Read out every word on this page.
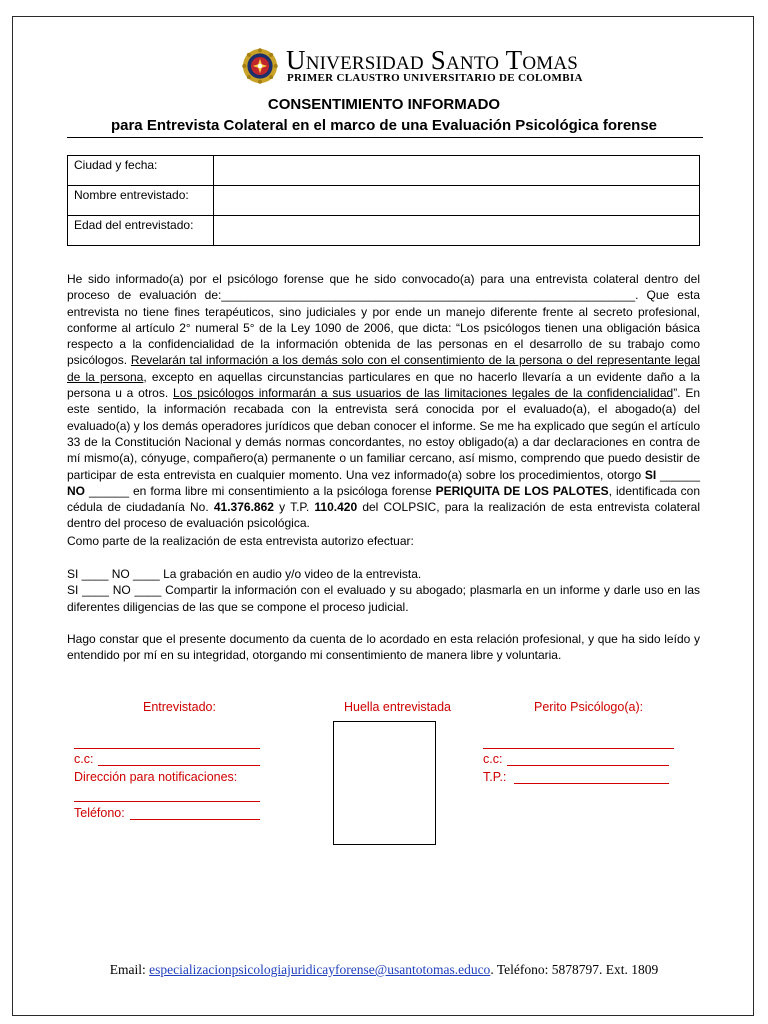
Universidad Santo Tomas
PRIMER CLAUSTRO UNIVERSITARIO DE COLOMBIA
CONSENTIMIENTO INFORMADO
para Entrevista Colateral en el marco de una Evaluación Psicológica forense
Ciudad y fecha:	
Nombre entrevistado:	
Edad del entrevistado:	
He sido informado(a) por el psicólogo forense que he sido convocado(a) para una entrevista colateral dentro del proceso de evaluación de:______________________________________________________________. Que esta entrevista no tiene fines terapéuticos, sino judiciales y por ende un manejo diferente frente al secreto profesional, conforme al artículo 2° numeral 5° de la Ley 1090 de 2006, que dicta: “Los psicólogos tienen una obligación básica respecto a la confidencialidad de la información obtenida de las personas en el desarrollo de su trabajo como psicólogos. Revelarán tal información a los demás solo con el consentimiento de la persona o del representante legal de la persona, excepto en aquellas circunstancias particulares en que no hacerlo llevaría a un evidente daño a la persona u a otros. Los psicólogos informarán a sus usuarios de las limitaciones legales de la confidencialidad”. En este sentido, la información recabada con la entrevista será conocida por el evaluado(a), el abogado(a) del evaluado(a) y los demás operadores jurídicos que deban conocer el informe. Se me ha explicado que según el artículo 33 de la Constitución Nacional y demás normas concordantes, no estoy obligado(a) a dar declaraciones en contra de mí mismo(a), cónyuge, compañero(a) permanente o un familiar cercano, así mismo, comprendo que puedo desistir de participar de esta entrevista en cualquier momento. Una vez informado(a) sobre los procedimientos, otorgo SI ______ NO ______ en forma libre mi consentimiento a la psicóloga forense PERIQUITA DE LOS PALOTES, identificada con cédula de ciudadanía No. 41.376.862 y T.P. 110.420 del COLPSIC, para la realización de esta entrevista colateral dentro del proceso de evaluación psicológica.
Como parte de la realización de esta entrevista autorizo efectuar:
SI ____ NO ____ La grabación en audio y/o video de la entrevista.
SI ____ NO ____ Compartir la información con el evaluado y su abogado; plasmarla en un informe y darle uso en las diferentes diligencias de las que se compone el proceso judicial.
Hago constar que el presente documento da cuenta de lo acordado en esta relación profesional, y que ha sido leído y entendido por mí en su integridad, otorgando mi consentimiento de manera libre y voluntaria.
Entrevistado:	Huella entrevistada	Perito Psicólogo(a):
c.c:
Dirección para notificaciones:
Teléfono:
c.c:
T.P.:
Email: especializacionpsicologiajuridicayforense@usantotomas.educo. Teléfono: 5878797. Ext. 1809
